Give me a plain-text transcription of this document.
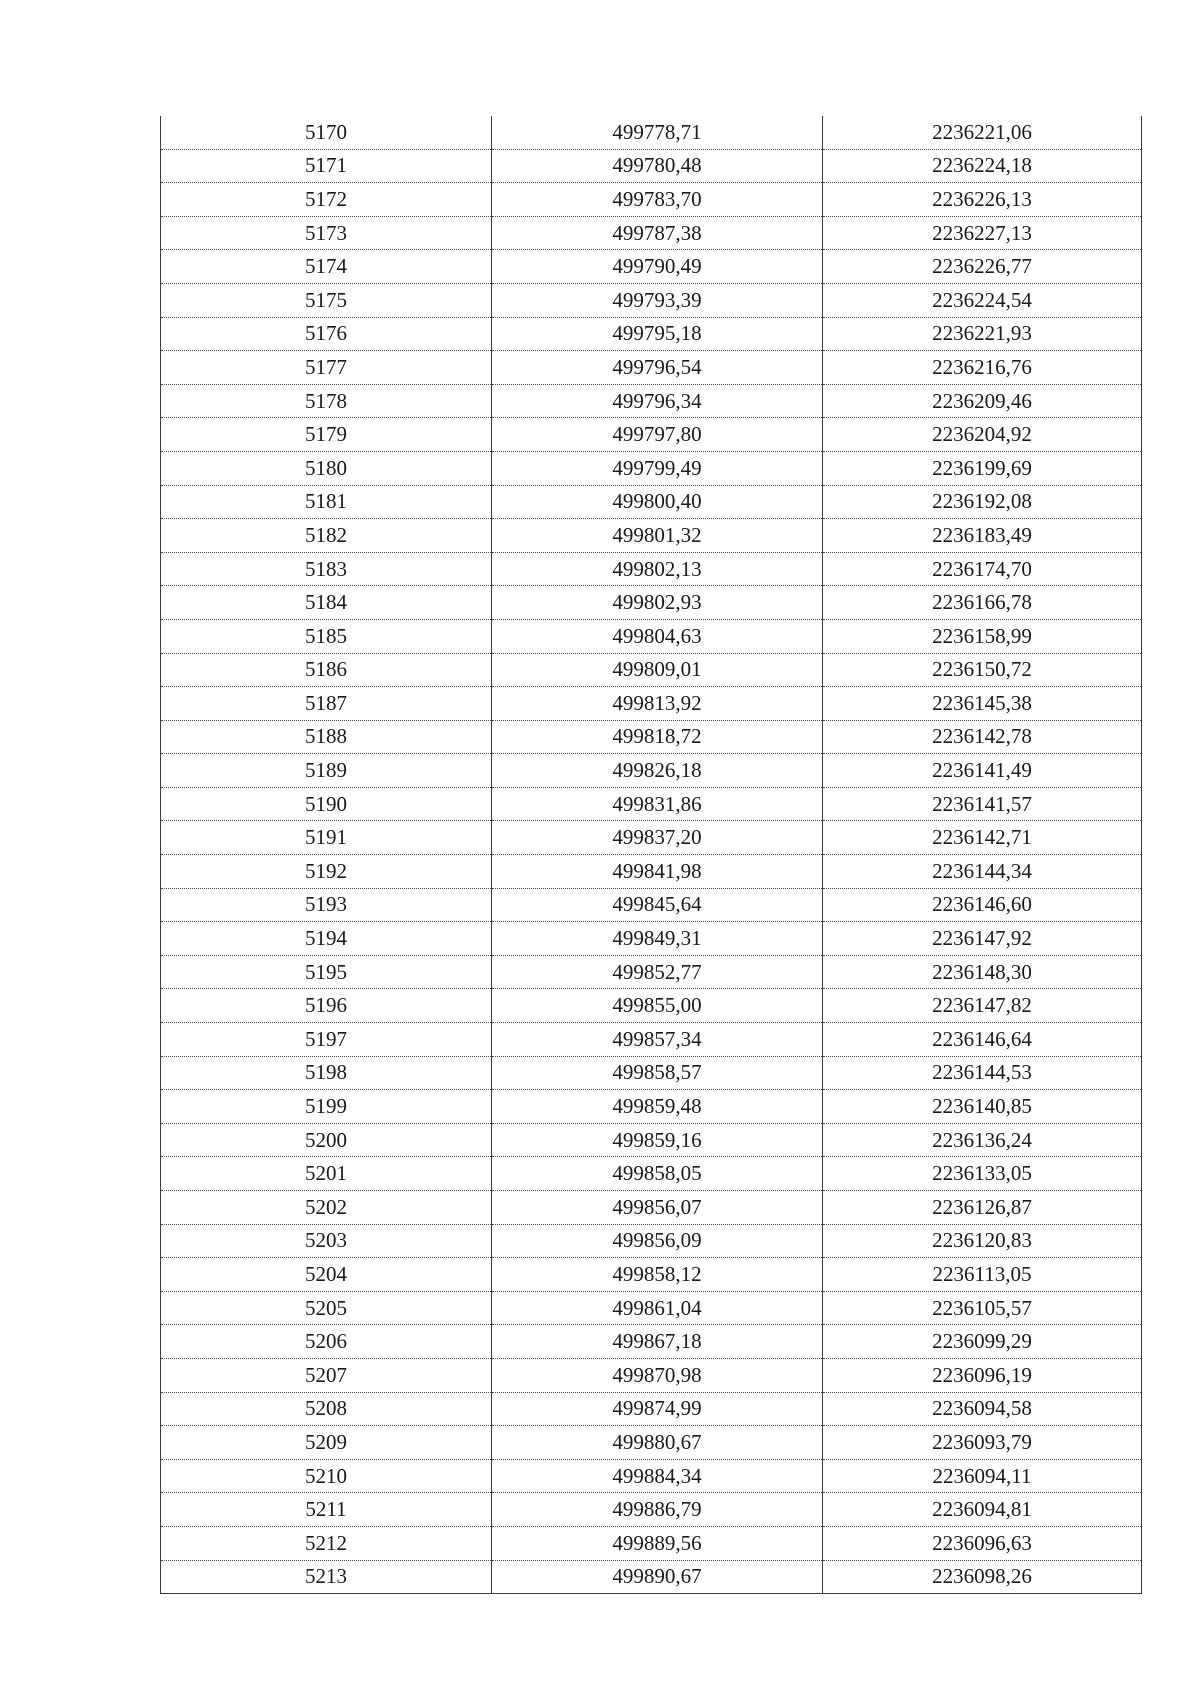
5170	499778,71	2236221,06
5171	499780,48	2236224,18
5172	499783,70	2236226,13
5173	499787,38	2236227,13
5174	499790,49	2236226,77
5175	499793,39	2236224,54
5176	499795,18	2236221,93
5177	499796,54	2236216,76
5178	499796,34	2236209,46
5179	499797,80	2236204,92
5180	499799,49	2236199,69
5181	499800,40	2236192,08
5182	499801,32	2236183,49
5183	499802,13	2236174,70
5184	499802,93	2236166,78
5185	499804,63	2236158,99
5186	499809,01	2236150,72
5187	499813,92	2236145,38
5188	499818,72	2236142,78
5189	499826,18	2236141,49
5190	499831,86	2236141,57
5191	499837,20	2236142,71
5192	499841,98	2236144,34
5193	499845,64	2236146,60
5194	499849,31	2236147,92
5195	499852,77	2236148,30
5196	499855,00	2236147,82
5197	499857,34	2236146,64
5198	499858,57	2236144,53
5199	499859,48	2236140,85
5200	499859,16	2236136,24
5201	499858,05	2236133,05
5202	499856,07	2236126,87
5203	499856,09	2236120,83
5204	499858,12	2236113,05
5205	499861,04	2236105,57
5206	499867,18	2236099,29
5207	499870,98	2236096,19
5208	499874,99	2236094,58
5209	499880,67	2236093,79
5210	499884,34	2236094,11
5211	499886,79	2236094,81
5212	499889,56	2236096,63
5213	499890,67	2236098,26
